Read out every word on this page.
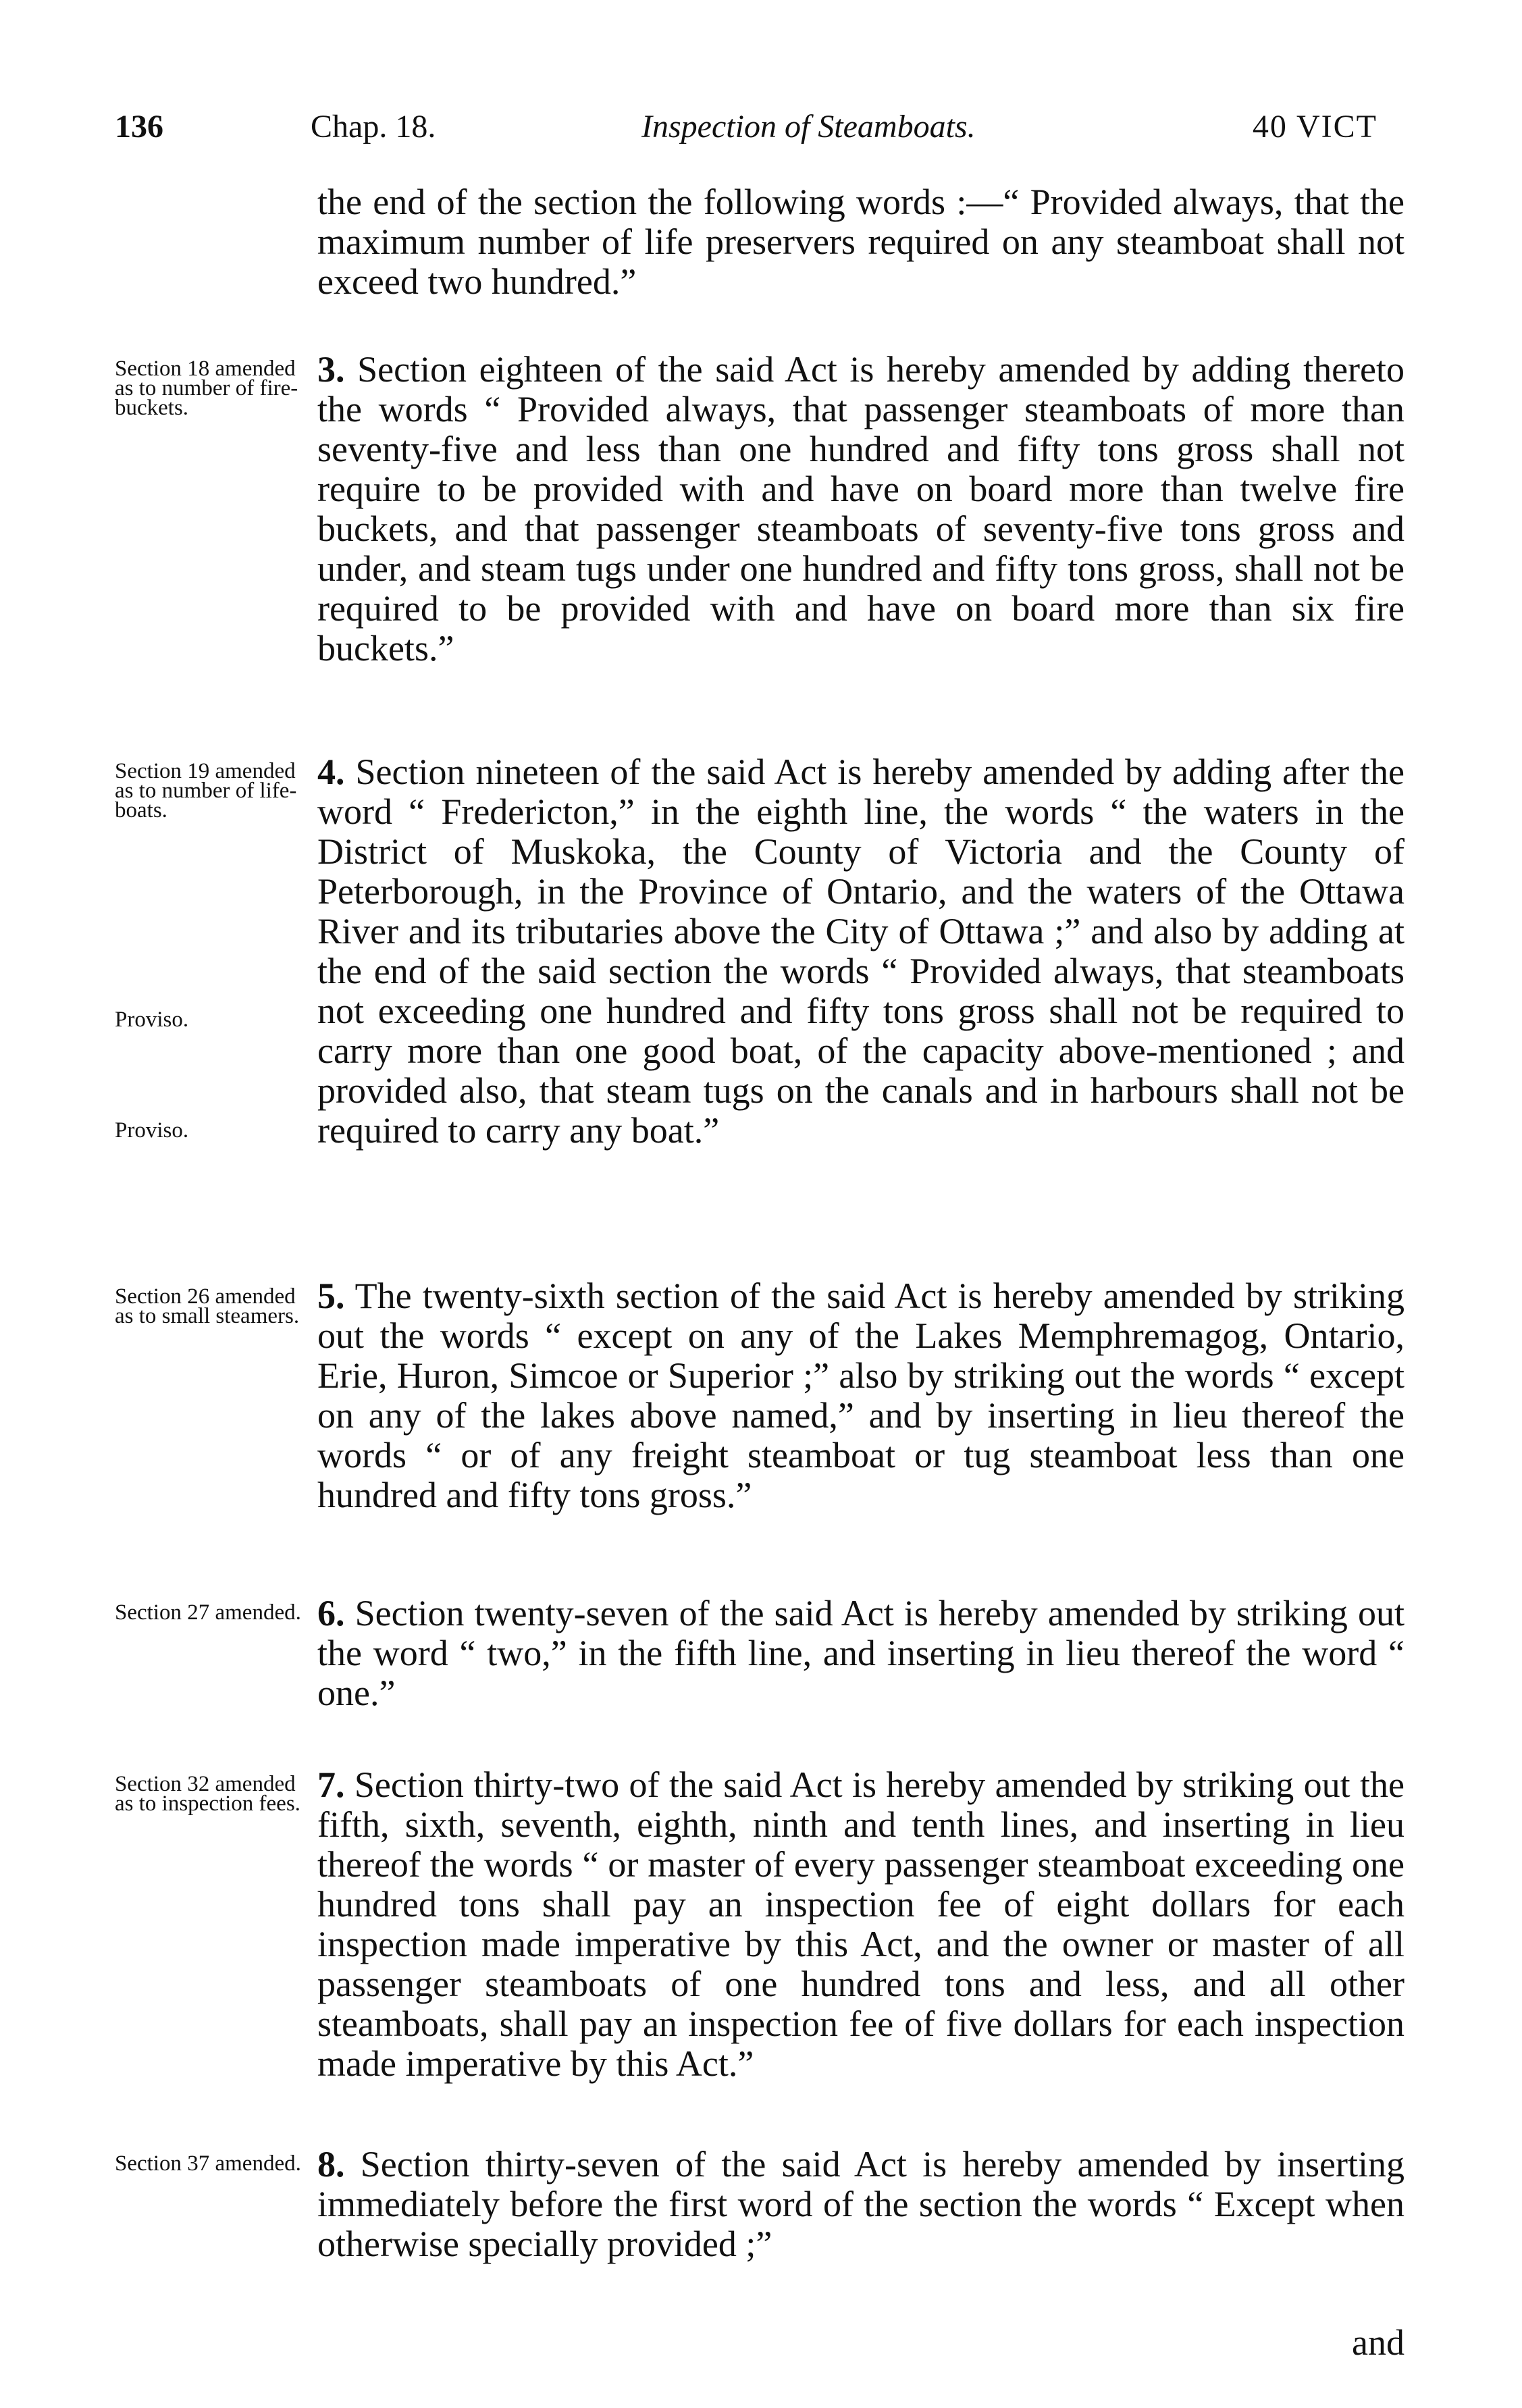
136	Chap. 18.	Inspection of Steamboats.	40 VICT
the end of the section the following words :—“ Provided always, that the maximum number of life preservers required on any steamboat shall not exceed two hundred.”
Section 18 amended as to number of fire-buckets.
3. Section eighteen of the said Act is hereby amended by adding thereto the words “ Provided always, that passenger steamboats of more than seventy-five and less than one hundred and fifty tons gross shall not require to be provided with and have on board more than twelve fire buckets, and that passenger steamboats of seventy-five tons gross and under, and steam tugs under one hundred and fifty tons gross, shall not be required to be provided with and have on board more than six fire buckets.”
Section 19 amended as to number of life-boats.
Proviso.
Proviso.
4. Section nineteen of the said Act is hereby amended by adding after the word “ Fredericton,” in the eighth line, the words “ the waters in the District of Muskoka, the County of Victoria and the County of Peterborough, in the Province of Ontario, and the waters of the Ottawa River and its tributaries above the City of Ottawa ;” and also by adding at the end of the said section the words “ Provided always, that steamboats not exceeding one hundred and fifty tons gross shall not be required to carry more than one good boat, of the capacity above-mentioned ; and provided also, that steam tugs on the canals and in harbours shall not be required to carry any boat.”
Section 26 amended as to small steamers. 5. The twenty-sixth section of the said Act is hereby amended by striking out the words “ except on any of the Lakes Memphremagog, Ontario, Erie, Huron, Simcoe or Superior ;” also by striking out the words “ except on any of the lakes above named,” and by inserting in lieu thereof the words “ or of any freight steamboat or tug steamboat less than one hundred and fifty tons gross.”
Section 27 amended. 6. Section twenty-seven of the said Act is hereby amended by striking out the word “ two,” in the fifth line, and inserting in lieu thereof the word “ one.”
Section 32 amended as to inspection fees. 7. Section thirty-two of the said Act is hereby amended by striking out the fifth, sixth, seventh, eighth, ninth and tenth lines, and inserting in lieu thereof the words “ or master of every passenger steamboat exceeding one hundred tons shall pay an inspection fee of eight dollars for each inspection made imperative by this Act, and the owner or master of all passenger steamboats of one hundred tons and less, and all other steamboats, shall pay an inspection fee of five dollars for each inspection made imperative by this Act.”
Section 37 amended. 8. Section thirty-seven of the said Act is hereby amended by inserting immediately before the first word of the section the words “ Except when otherwise specially provided ;”
and
